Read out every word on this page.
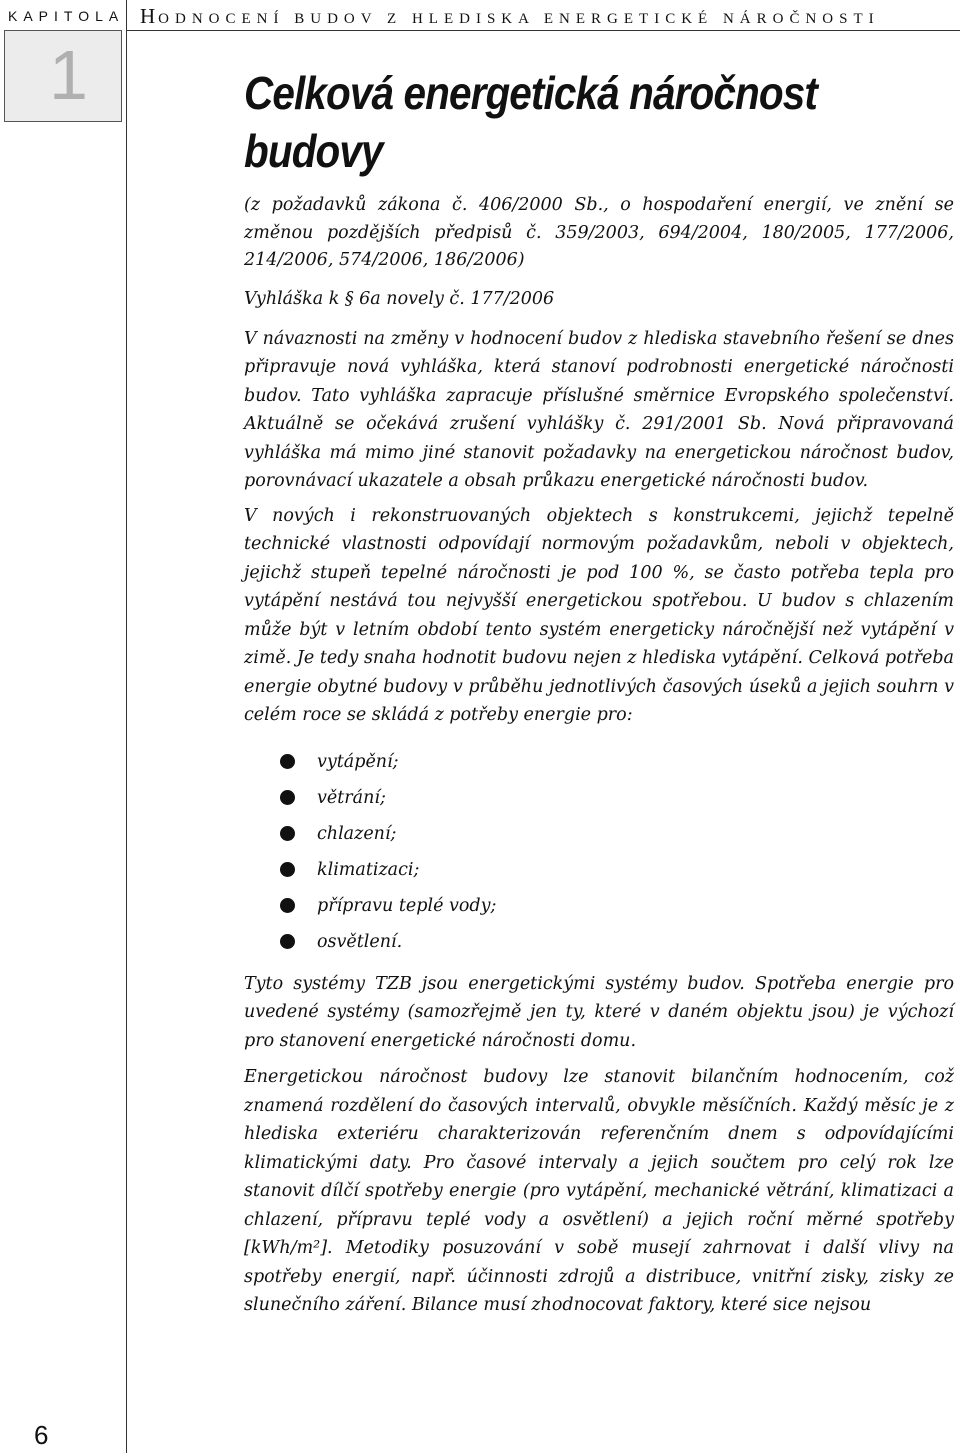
KAPITOLA
1
6
HODNOCENÍ BUDOV Z HLEDISKA ENERGETICKÉ NÁROČNOSTI
Celková energetická náročnost budovy
(z požadavků zákona č. 406/2000 Sb., o hospodaření energií, ve znění se změnou pozdějších předpisů č. 359/2003, 694/2004, 180/2005, 177/2006, 214/2006, 574/2006, 186/2006)
Vyhláška k § 6a novely č. 177/2006

V návaznosti na změny v hodnocení budov z hlediska stavebního řešení se dnes připravuje nová vyhláška, která stanoví podrobnosti energetické náročnosti budov. Tato vyhláška zapracuje příslušné směrnice Evropského společenství. Aktuálně se očekává zrušení vyhlášky č. 291/2001 Sb. Nová připravovaná vyhláška má mimo jiné stanovit požadavky na energetickou náročnost budov, porovnávací ukazatele a obsah průkazu energetické náročnosti budov.

V nových i rekonstruovaných objektech s konstrukcemi, jejichž tepelně technické vlastnosti odpovídají normovým požadavkům, neboli v objektech, jejichž stupeň tepelné náročnosti je pod 100 %, se často potřeba tepla pro vytápění nestává tou nejvyšší energetickou spotřebou. U budov s chlazením může být v letním období tento systém energeticky náročnější než vytápění v zimě. Je tedy snaha hodnotit budovu nejen z hlediska vytápění. Celková potřeba energie obytné budovy v průběhu jednotlivých časových úseků a jejich souhrn v celém roce se skládá z potřeby energie pro:

vytápění;
větrání;
chlazení;
klimatizaci;
přípravu teplé vody;
osvětlení.

Tyto systémy TZB jsou energetickými systémy budov. Spotřeba energie pro uvedené systémy (samozřejmě jen ty, které v daném objektu jsou) je výchozí pro stanovení energetické náročnosti domu.

Energetickou náročnost budovy lze stanovit bilančním hodnocením, což znamená rozdělení do časových intervalů, obvykle měsíčních. Každý měsíc je z hlediska exteriéru charakterizován referenčním dnem s odpovídajícími klimatickými daty. Pro časové intervaly a jejich součtem pro celý rok lze stanovit dílčí spotřeby energie (pro vytápění, mechanické větrání, klimatizaci a chlazení, přípravu teplé vody a osvětlení) a jejich roční měrné spotřeby [kWh/m²]. Metodiky posuzování v sobě musejí zahrnovat i další vlivy na spotřeby energií, např. účinnosti zdrojů a distribuce, vnitřní zisky, zisky ze slunečního záření. Bilance musí zhodnocovat faktory, které sice nejsou
